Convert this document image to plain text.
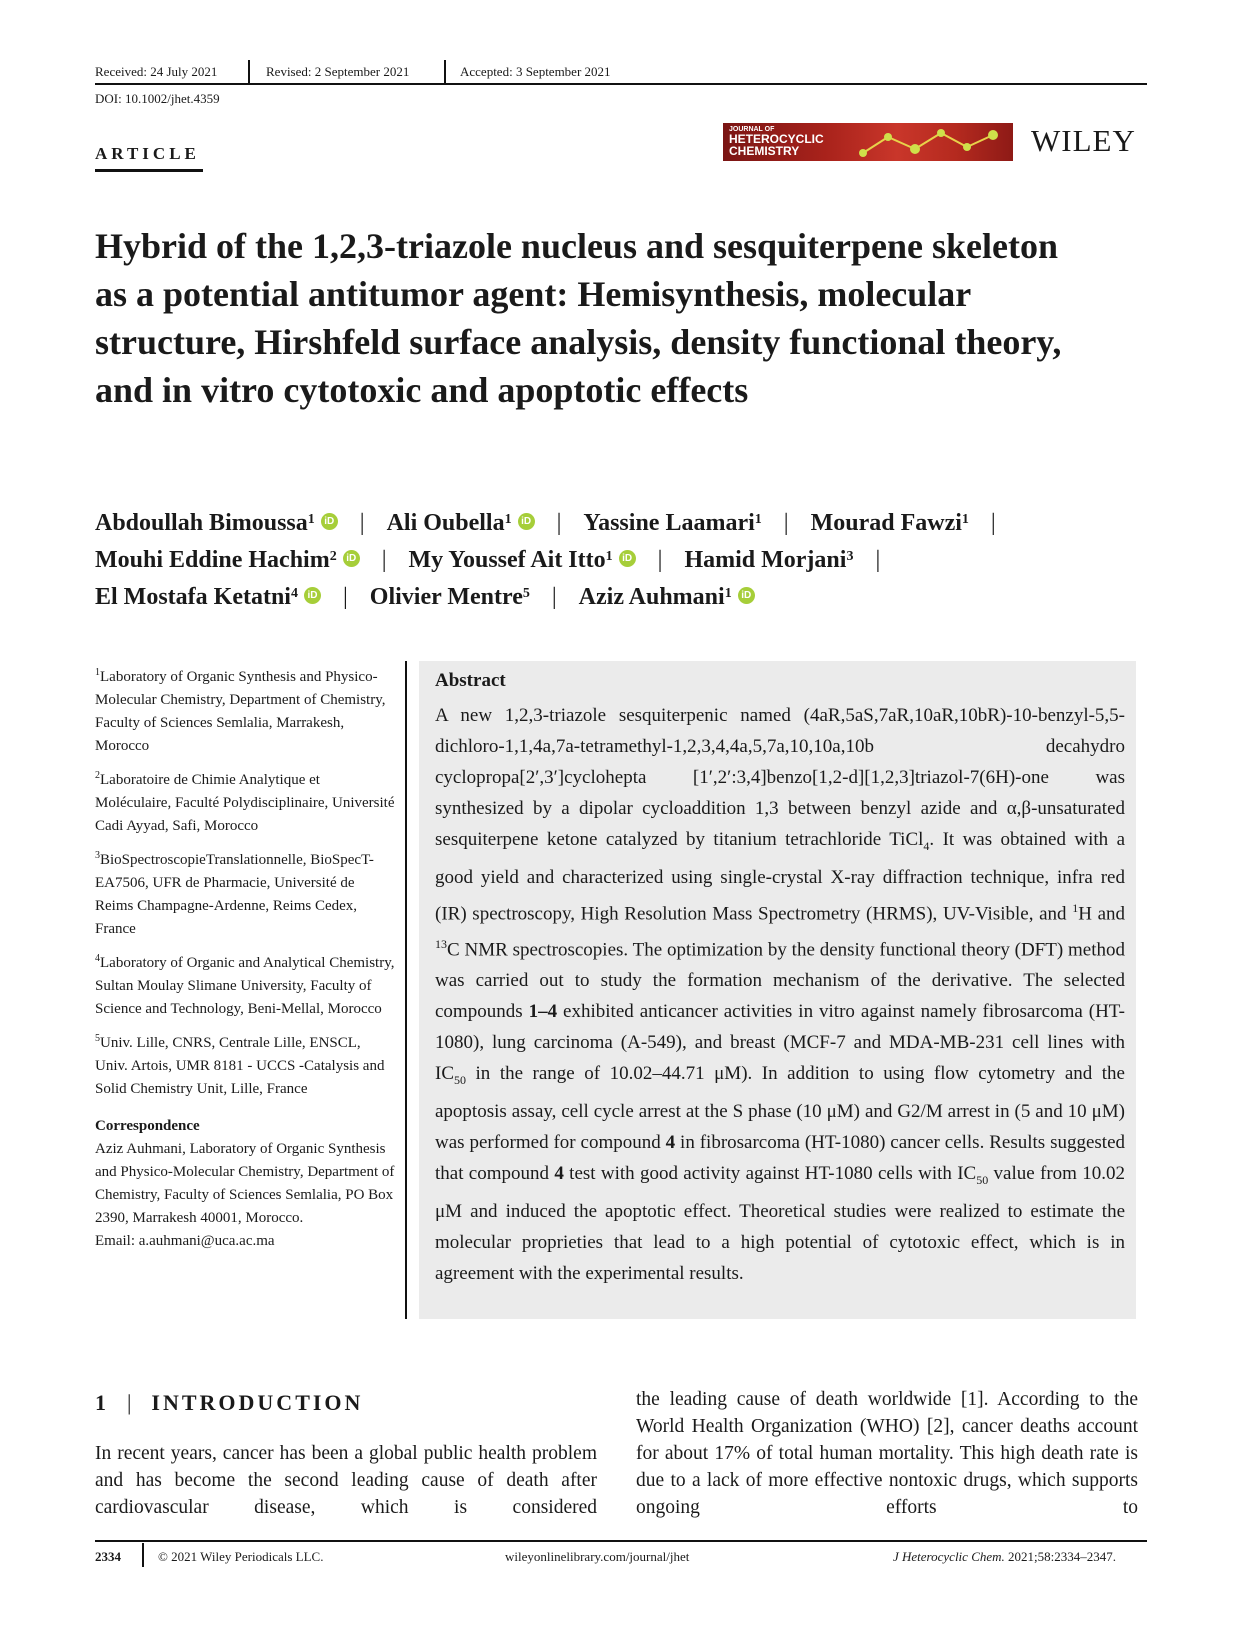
Received: 24 July 2021	Revised: 2 September 2021	Accepted: 3 September 2021
DOI: 10.1002/jhet.4359
ARTICLE
JOURNAL OF
HETEROCYCLIC
CHEMISTRY	WILEY
Hybrid of the 1,2,3-triazole nucleus and sesquiterpene skeleton as a potential antitumor agent: Hemisynthesis, molecular structure, Hirshfeld surface analysis, density functional theory, and in vitro cytotoxic and apoptotic effects
Abdoullah Bimoussa$^1$ iD | Ali Oubella$^1$ iD | Yassine Laamari$^1$ | Mourad Fawzi$^1$ |
Mouhi Eddine Hachim$^2$ iD | My Youssef Ait Itto$^1$ iD | Hamid Morjani$^3$ |
El Mostafa Ketatni$^4$ iD | Olivier Mentre$^5$ | Aziz Auhmani$^1$ iD
$^1$Laboratory of Organic Synthesis and Physico-Molecular Chemistry, Department of Chemistry, Faculty of Sciences Semlalia, Marrakesh, Morocco
$^2$Laboratoire de Chimie Analytique et Moléculaire, Faculté Polydisciplinaire, Université Cadi Ayyad, Safi, Morocco
$^3$BioSpectroscopieTranslationnelle, BioSpecT-EA7506, UFR de Pharmacie, Université de Reims Champagne-Ardenne, Reims Cedex, France
$^4$Laboratory of Organic and Analytical Chemistry, Sultan Moulay Slimane University, Faculty of Science and Technology, Beni-Mellal, Morocco
$^5$Univ. Lille, CNRS, Centrale Lille, ENSCL, Univ. Artois, UMR 8181 - UCCS -Catalysis and Solid Chemistry Unit, Lille, France
Correspondence
Aziz Auhmani, Laboratory of Organic Synthesis and Physico-Molecular Chemistry, Department of Chemistry, Faculty of Sciences Semlalia, PO Box 2390, Marrakesh 40001, Morocco.
Email: a.auhmani@uca.ac.ma
Abstract
A new 1,2,3-triazole sesquiterpenic named (4aR,5aS,7aR,10aR,10bR)-10-benzyl-5,5-dichloro-1,1,4a,7a-tetramethyl-1,2,3,4,4a,5,7a,10,10a,10b decahydro cyclopropa[2′,3′]cyclohepta [1′,2′:3,4]benzo[1,2-d][1,2,3]triazol-7(6H)-one was synthesized by a dipolar cycloaddition 1,3 between benzyl azide and α,β-unsaturated sesquiterpene ketone catalyzed by titanium tetrachloride TiCl$_4$. It was obtained with a good yield and characterized using single-crystal X-ray diffraction technique, infra red (IR) spectroscopy, High Resolution Mass Spectrometry (HRMS), UV-Visible, and $^1$H and $^{13}$C NMR spectroscopies. The optimization by the density functional theory (DFT) method was carried out to study the formation mechanism of the derivative. The selected compounds 1–4 exhibited anticancer activities in vitro against namely fibrosarcoma (HT-1080), lung carcinoma (A-549), and breast (MCF-7 and MDA-MB-231 cell lines with $IC_{50}$ in the range of 10.02–44.71 μM). In addition to using flow cytometry and the apoptosis assay, cell cycle arrest at the S phase (10 μM) and G2/M arrest in (5 and 10 μM) was performed for compound 4 in fibrosarcoma (HT-1080) cancer cells. Results suggested that compound 4 test with good activity against HT-1080 cells with $IC_{50}$ value from 10.02 μM and induced the apoptotic effect. Theoretical studies were realized to estimate the molecular proprieties that lead to a high potential of cytotoxic effect, which is in agreement with the experimental results.
1 | INTRODUCTION
In recent years, cancer has been a global public health problem and has become the second leading cause of death after cardiovascular disease, which is considered
the leading cause of death worldwide [1]. According to the World Health Organization (WHO) [2], cancer deaths account for about 17% of total human mortality. This high death rate is due to a lack of more effective nontoxic drugs, which supports ongoing efforts to
2334	© 2021 Wiley Periodicals LLC.	wileyonlinelibrary.com/journal/jhet	J Heterocyclic Chem. 2021;58:2334–2347.
